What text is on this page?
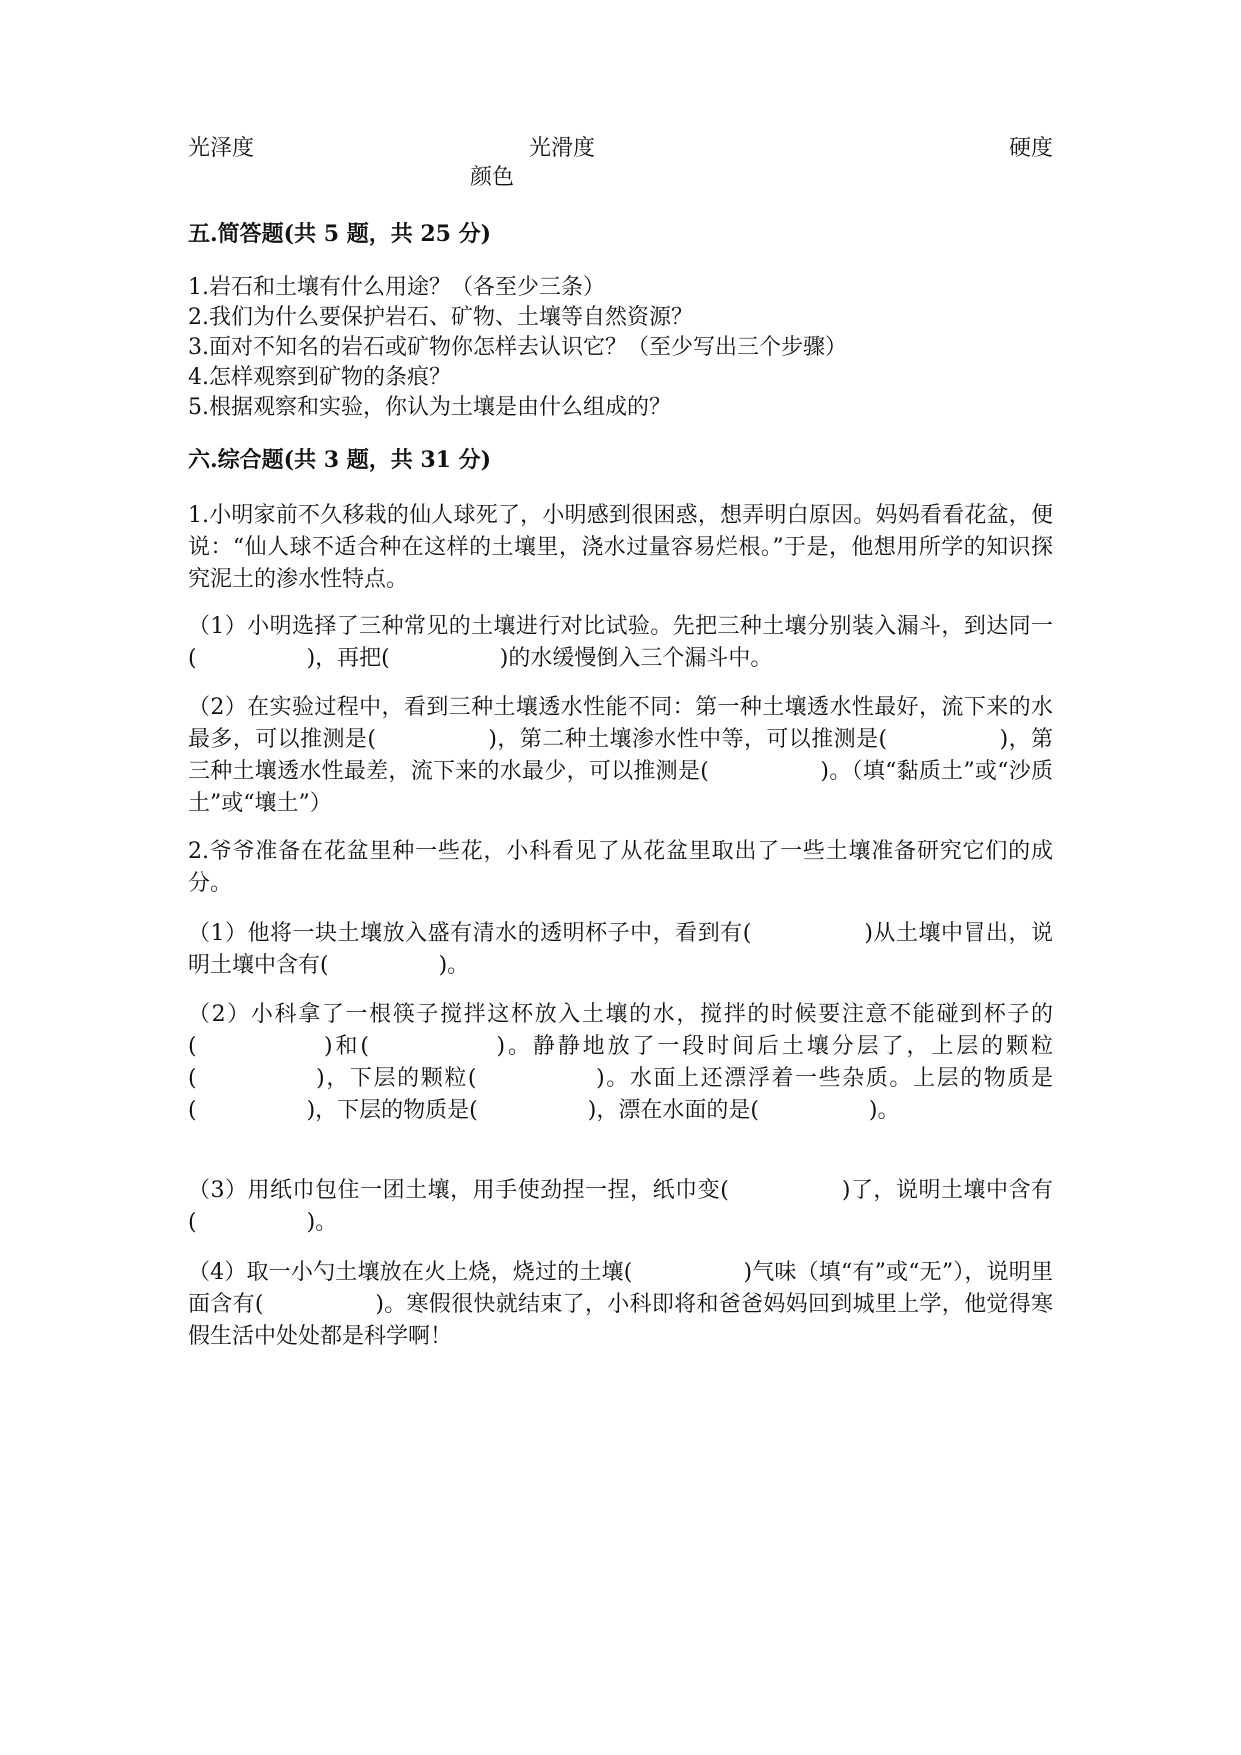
光泽度	光滑度	硬度
颜色
五.简答题(共 5 题，共 25 分)
1.岩石和土壤有什么用途？（各至少三条）
2.我们为什么要保护岩石、矿物、土壤等自然资源？
3.面对不知名的岩石或矿物你怎样去认识它？（至少写出三个步骤）
4.怎样观察到矿物的条痕？
5.根据观察和实验，你认为土壤是由什么组成的？
六.综合题(共 3 题，共 31 分)
1.小明家前不久移栽的仙人球死了，小明感到很困惑，想弄明白原因。妈妈看看花盆，便说：“仙人球不适合种在这样的土壤里，浇水过量容易烂根。”于是，他想用所学的知识探究泥土的渗水性特点。
（1）小明选择了三种常见的土壤进行对比试验。先把三种土壤分别装入漏斗，到达同一(　　　　　)，再把(　　　　　)的水缓慢倒入三个漏斗中。
（2）在实验过程中，看到三种土壤透水性能不同：第一种土壤透水性最好，流下来的水最多，可以推测是(　　　　　)，第二种土壤渗水性中等，可以推测是(　　　　　)，第三种土壤透水性最差，流下来的水最少，可以推测是(　　　　　)。（填“黏质土”或“沙质土”或“壤土”）
2.爷爷准备在花盆里种一些花，小科看见了从花盆里取出了一些土壤准备研究它们的成分。
（1）他将一块土壤放入盛有清水的透明杯子中，看到有(　　　　　)从土壤中冒出，说明土壤中含有(　　　　　)。
（2）小科拿了一根筷子搅拌这杯放入土壤的水，搅拌的时候要注意不能碰到杯子的(　　　　　)和(　　　　　)。静静地放了一段时间后土壤分层了，上层的颗粒(　　　　　)，下层的颗粒(　　　　　)。水面上还漂浮着一些杂质。上层的物质是(　　　　　)，下层的物质是(　　　　　)，漂在水面的是(　　　　　)。
（3）用纸巾包住一团土壤，用手使劲捏一捏，纸巾变(　　　　　)了，说明土壤中含有(　　　　　)。
（4）取一小勺土壤放在火上烧，烧过的土壤(　　　　　)气味（填“有”或“无”），说明里面含有(　　　　　)。寒假很快就结束了，小科即将和爸爸妈妈回到城里上学，他觉得寒假生活中处处都是科学啊！
